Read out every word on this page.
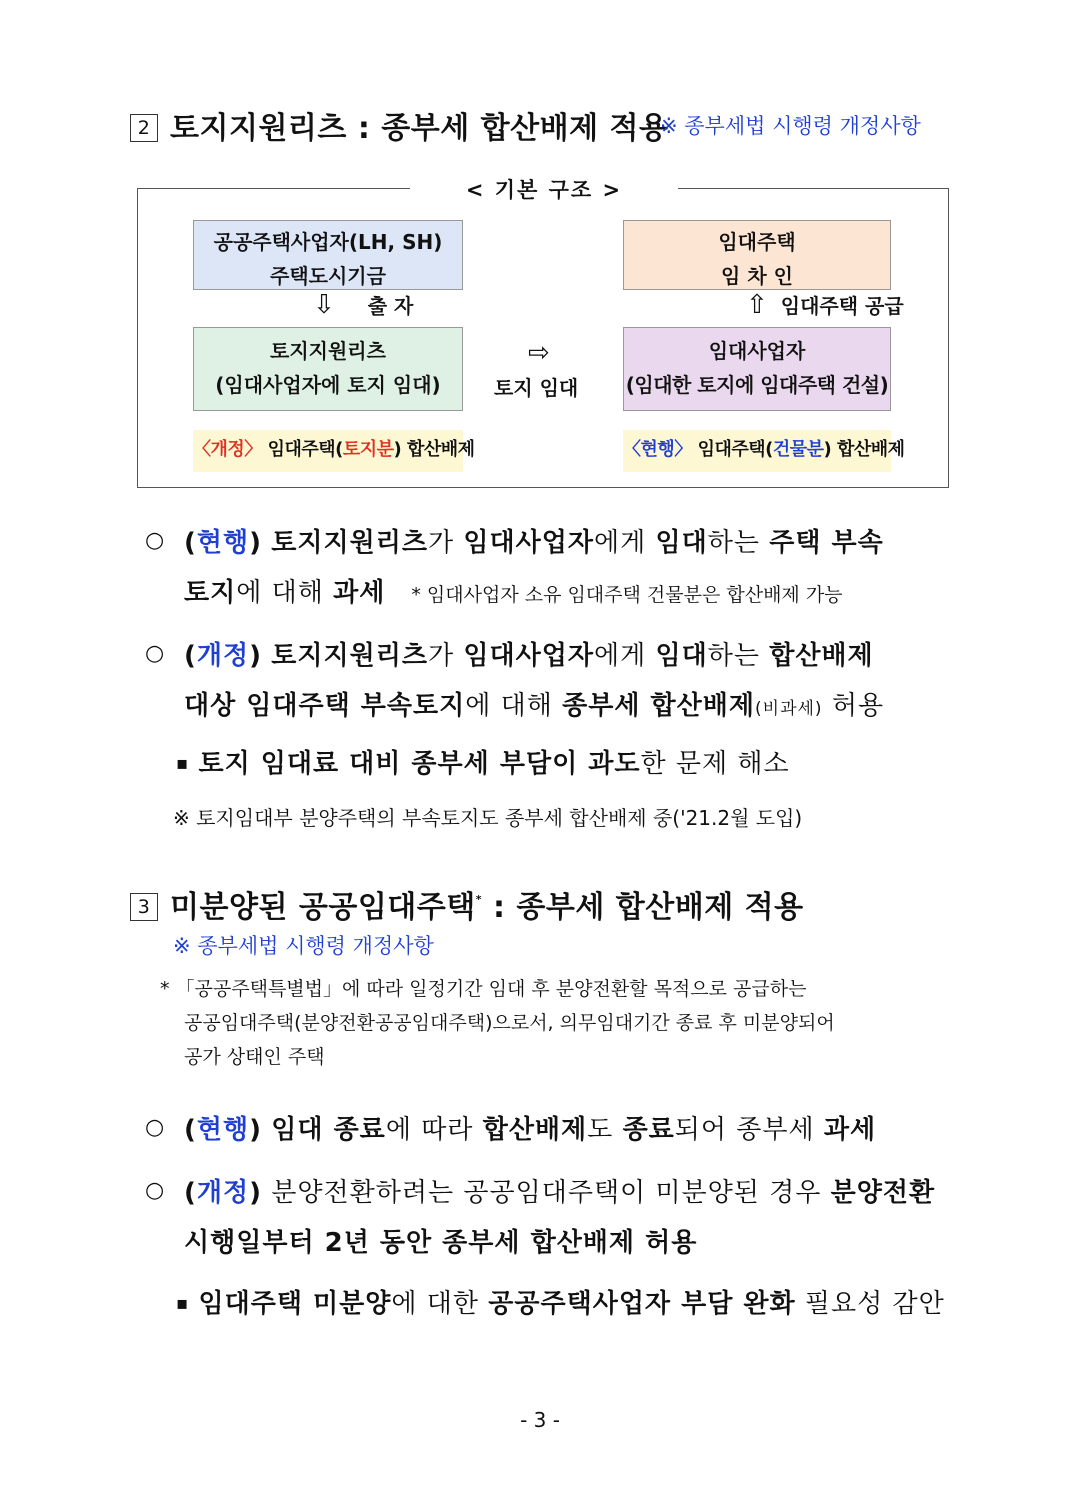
2 토지지원리츠 : 종부세 합산배제 적용
※ 종부세법 시행령 개정사항
< 기본 구조 >
공공주택사업자(LH, SH)
주택도시기금
임대주택
임 차 인
⇩ 출 자	⇧ 임대주택 공급
토지지원리츠
(임대사업자에 토지 임대)
임대사업자
(임대한 토지에 임대주택 건설)
⇨
토지 임대
〈개정〉 임대주택(토지분) 합산배제	〈현행〉 임대주택(건물분) 합산배제
○ (현행) 토지지원리츠가 임대사업자에게 임대하는 주택 부속
토지에 대해 과세 * 임대사업자 소유 임대주택 건물분은 합산배제 가능
○ (개정) 토지지원리츠가 임대사업자에게 임대하는 합산배제
대상 임대주택 부속토지에 대해 종부세 합산배제(비과세) 허용
▪ 토지 임대료 대비 종부세 부담이 과도한 문제 해소
※ 토지임대부 분양주택의 부속토지도 종부세 합산배제 중('21.2월 도입)
3 미분양된 공공임대주택* : 종부세 합산배제 적용
※ 종부세법 시행령 개정사항
* 「공공주택특별법」에 따라 일정기간 임대 후 분양전환할 목적으로 공급하는
공공임대주택(분양전환공공임대주택)으로서, 의무임대기간 종료 후 미분양되어
공가 상태인 주택
○ (현행) 임대 종료에 따라 합산배제도 종료되어 종부세 과세
○ (개정) 분양전환하려는 공공임대주택이 미분양된 경우 분양전환
시행일부터 2년 동안 종부세 합산배제 허용
▪ 임대주택 미분양에 대한 공공주택사업자 부담 완화 필요성 감안
- 3 -
